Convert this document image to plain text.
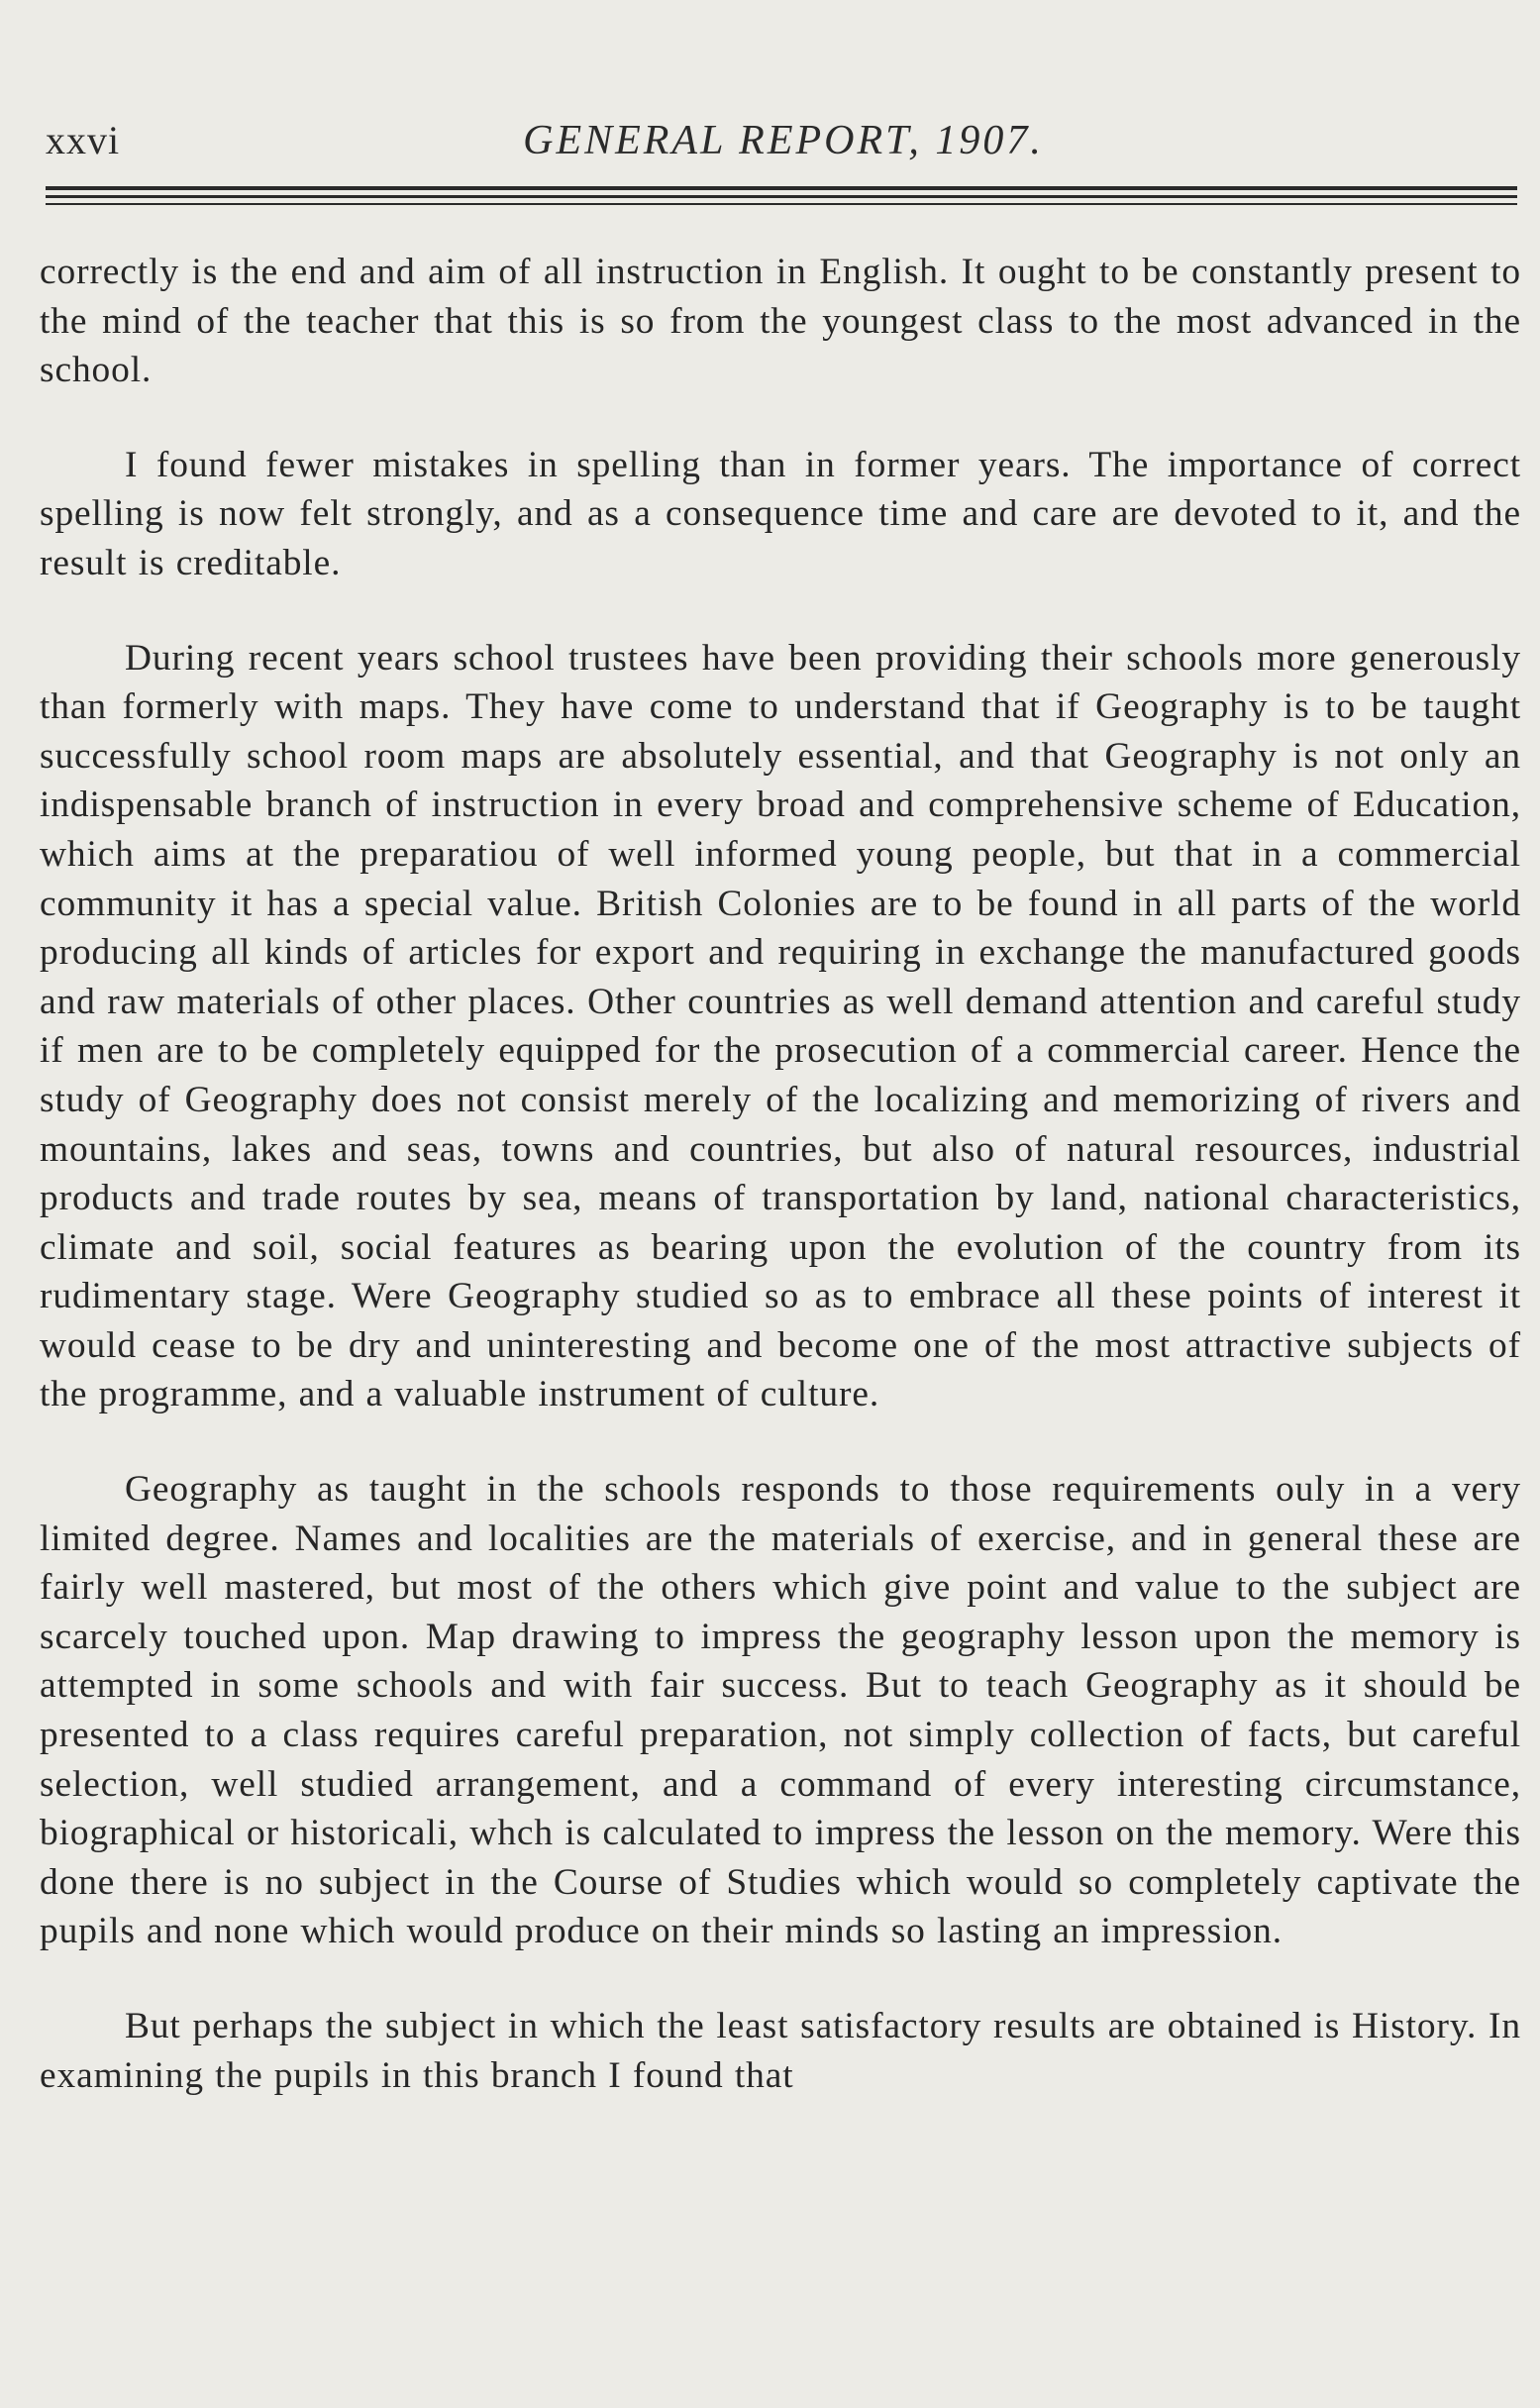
xxvi	GENERAL REPORT, 1907.

correctly is the end and aim of all instruction in English. It ought to be constantly present to the mind of the teacher that this is so from the youngest class to the most advanced in the school.

I found fewer mistakes in spelling than in former years. The importance of correct spelling is now felt strongly, and as a consequence time and care are devoted to it, and the result is creditable.

During recent years school trustees have been providing their schools more generously than formerly with maps. They have come to understand that if Geography is to be taught successfully school room maps are absolutely essential, and that Geography is not only an indispensable branch of instruction in every broad and comprehensive scheme of Education, which aims at the preparatiou of well informed young people, but that in a commercial community it has a special value. British Colonies are to be found in all parts of the world producing all kinds of articles for export and requiring in exchange the manufactured goods and raw materials of other places. Other countries as well demand attention and careful study if men are to be completely equipped for the prosecution of a commercial career. Hence the study of Geography does not consist merely of the localizing and memorizing of rivers and mountains, lakes and seas, towns and countries, but also of natural resources, industrial products and trade routes by sea, means of transportation by land, national characteristics, climate and soil, social features as bearing upon the evolution of the country from its rudimentary stage. Were Geography studied so as to embrace all these points of interest it would cease to be dry and uninteresting and become one of the most attractive subjects of the programme, and a valuable instrument of culture.

Geography as taught in the schools responds to those requirements ouly in a very limited degree. Names and localities are the materials of exercise, and in general these are fairly well mastered, but most of the others which give point and value to the subject are scarcely touched upon. Map drawing to impress the geography lesson upon the memory is attempted in some schools and with fair success. But to teach Geography as it should be presented to a class requires careful preparation, not simply collection of facts, but careful selection, well studied arrangement, and a command of every interesting circumstance, biographical or historicali, whch is calculated to impress the lesson on the memory. Were this done there is no subject in the Course of Studies which would so completely captivate the pupils and none which would produce on their minds so lasting an impression.

But perhaps the subject in which the least satisfactory results are obtained is History. In examining the pupils in this branch I found that
